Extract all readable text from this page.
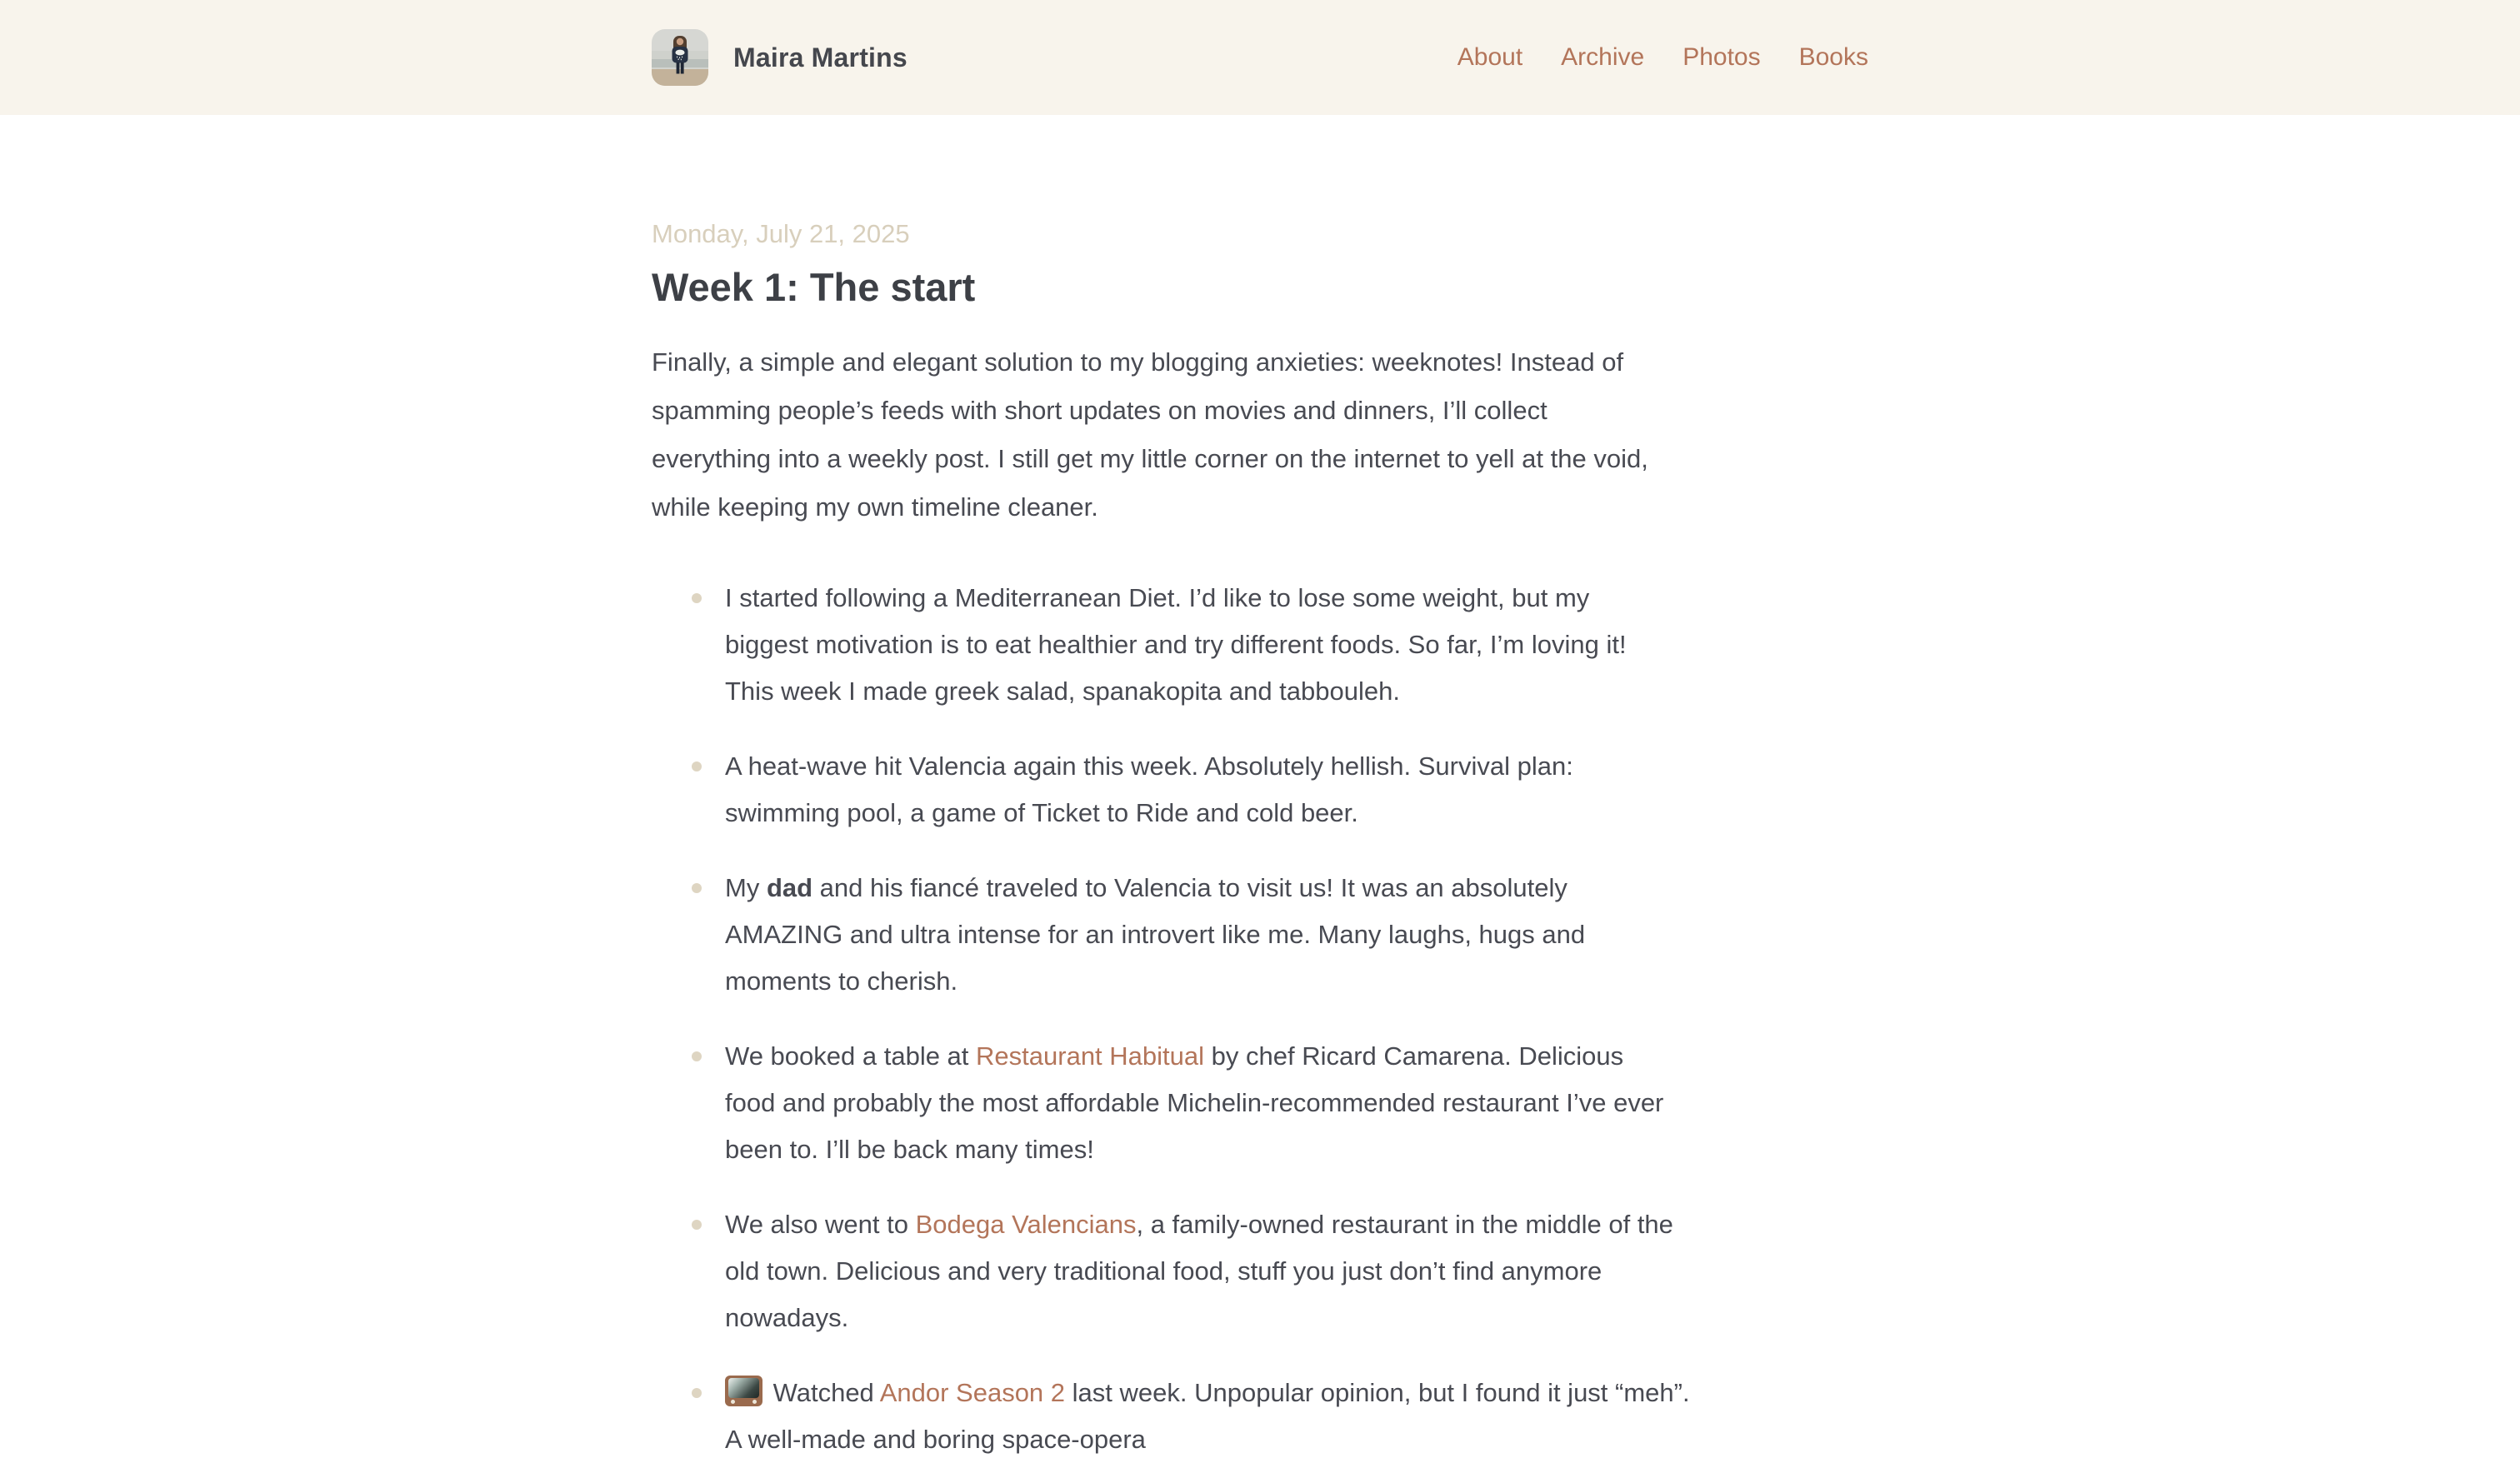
Maira Martins	About Archive Photos Books

Monday, July 21, 2025

Week 1: The start

Finally, a simple and elegant solution to my blogging anxieties: weeknotes! Instead of
spamming people’s feeds with short updates on movies and dinners, I’ll collect
everything into a weekly post. I still get my little corner on the internet to yell at the void,
while keeping my own timeline cleaner.

I started following a Mediterranean Diet. I’d like to lose some weight, but my
biggest motivation is to eat healthier and try different foods. So far, I’m loving it!
This week I made greek salad, spanakopita and tabbouleh.
A heat-wave hit Valencia again this week. Absolutely hellish. Survival plan:
swimming pool, a game of Ticket to Ride and cold beer.
My dad and his fiancé traveled to Valencia to visit us! It was an absolutely
AMAZING and ultra intense for an introvert like me. Many laughs, hugs and
moments to cherish.
We booked a table at Restaurant Habitual by chef Ricard Camarena. Delicious
food and probably the most affordable Michelin-recommended restaurant I’ve ever
been to. I’ll be back many times!
We also went to Bodega Valencians, a family-owned restaurant in the middle of the
old town. Delicious and very traditional food, stuff you just don’t find anymore
nowadays.
Watched Andor Season 2 last week. Unpopular opinion, but I found it just “meh”.
A well-made and boring space-opera
